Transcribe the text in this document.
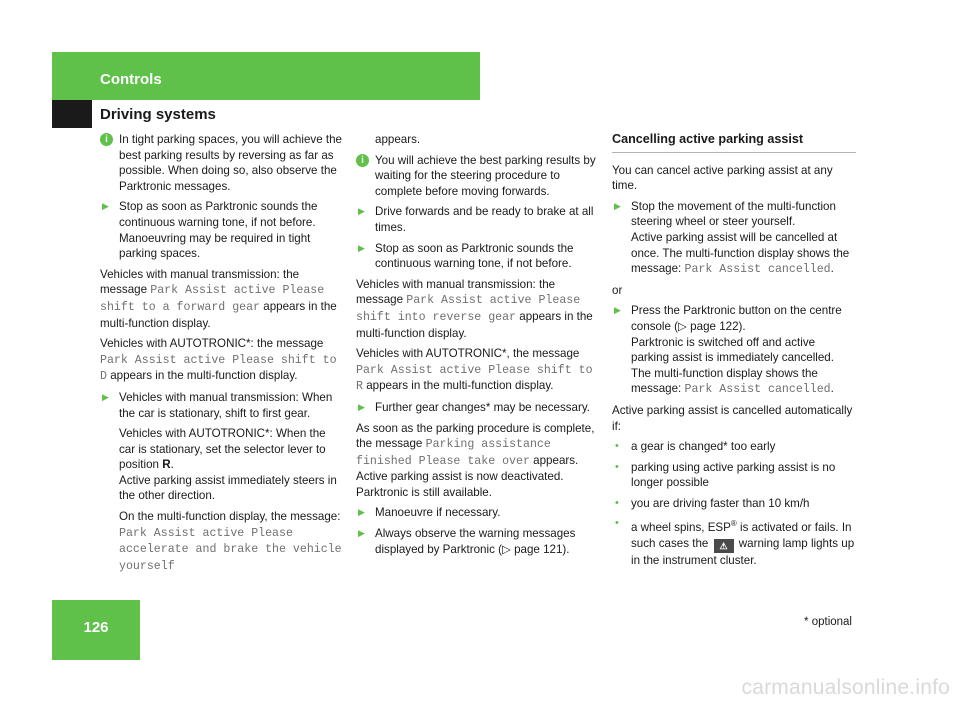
Controls
Driving systems
i In tight parking spaces, you will achieve the best parking results by reversing as far as possible. When doing so, also observe the Parktronic messages.
▶ Stop as soon as Parktronic sounds the continuous warning tone, if not before.

Manoeuvring may be required in tight parking spaces.

Vehicles with manual transmission: the message Park Assist active Please shift to a forward gear appears in the multi-function display.

Vehicles with AUTOTRONIC*: the message Park Assist active Please shift to D appears in the multi-function display.

▶ Vehicles with manual transmission: When the car is stationary, shift to first gear.

Vehicles with AUTOTRONIC*: When the car is stationary, set the selector lever to position R.
Active parking assist immediately steers in the other direction.

On the multi-function display, the message: Park Assist active Please accelerate and brake the vehicle yourself

appears.

i You will achieve the best parking results by waiting for the steering procedure to complete before moving forwards.
▶ Drive forwards and be ready to brake at all times.

▶ Stop as soon as Parktronic sounds the continuous warning tone, if not before.

Vehicles with manual transmission: the message Park Assist active Please shift into reverse gear appears in the multi-function display.

Vehicles with AUTOTRONIC*, the message Park Assist active Please shift to R appears in the multi-function display.

▶ Further gear changes* may be necessary.

As soon as the parking procedure is complete, the message Parking assistance finished Please take over appears.
Active parking assist is now deactivated. Parktronic is still available.

▶ Manoeuvre if necessary.

▶ Always observe the warning messages displayed by Parktronic (▷ page 121).

Cancelling active parking assist

You can cancel active parking assist at any time.

▶ Stop the movement of the multi-function steering wheel or steer yourself.

Active parking assist will be cancelled at once. The multi-function display shows the message: Park Assist cancelled.

or

▶ Press the Parktronic button on the centre console (▷ page 122).

Parktronic is switched off and active parking assist is immediately cancelled. The multi-function display shows the message: Park Assist cancelled.

Active parking assist is cancelled automatically if:

• a gear is changed* too early
• parking using active parking assist is no longer possible
• you are driving faster than 10 km/h
• a wheel spins, ESP® is activated or fails. In such cases the ⚠ warning lamp lights up in the instrument cluster.
126	* optional
carmanualsonline.info
